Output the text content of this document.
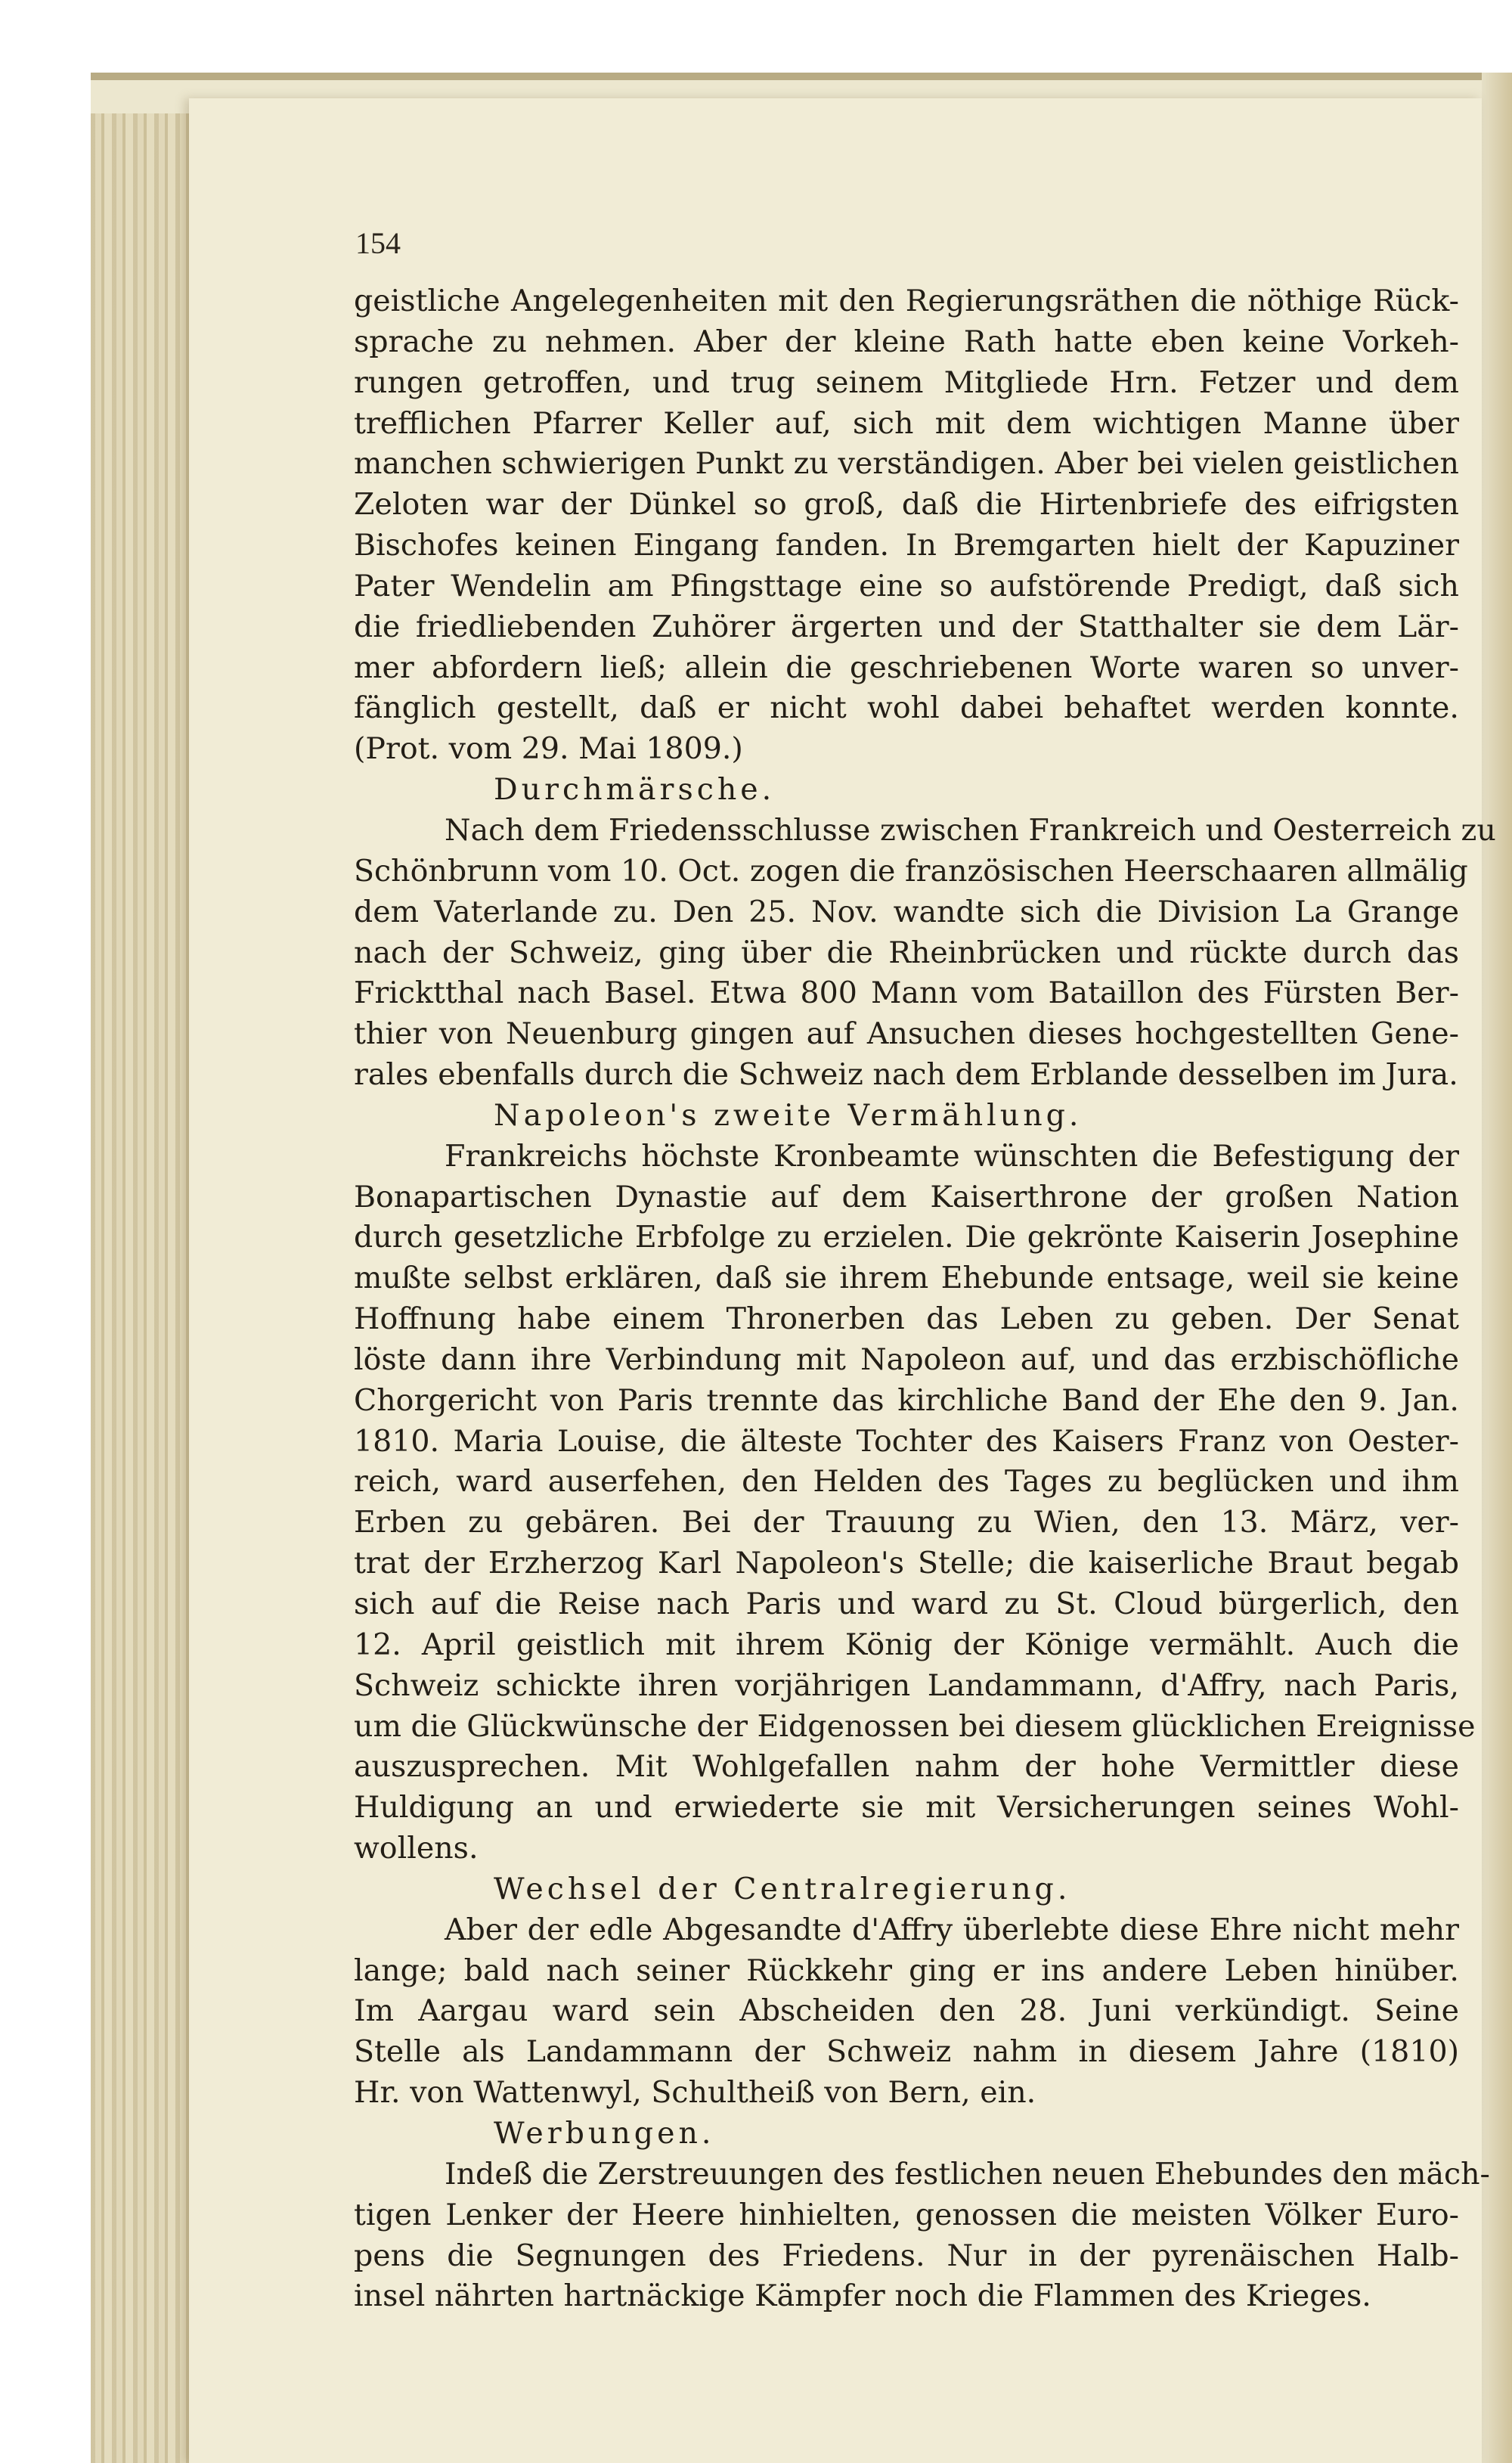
154
geistliche Angelegenheiten mit den Regierungsräthen die nöthige Rück-
sprache zu nehmen. Aber der kleine Rath hatte eben keine Vorkeh-
rungen getroffen, und trug seinem Mitgliede Hrn. Fetzer und dem
trefflichen Pfarrer Keller auf, sich mit dem wichtigen Manne über
manchen schwierigen Punkt zu verständigen. Aber bei vielen geistlichen
Zeloten war der Dünkel so groß, daß die Hirtenbriefe des eifrigsten
Bischofes keinen Eingang fanden. In Bremgarten hielt der Kapuziner
Pater Wendelin am Pfingsttage eine so aufstörende Predigt, daß sich
die friedliebenden Zuhörer ärgerten und der Statthalter sie dem Lär-
mer abfordern ließ; allein die geschriebenen Worte waren so unver-
fänglich gestellt, daß er nicht wohl dabei behaftet werden konnte.
(Prot. vom 29. Mai 1809.)
Durchmärsche.
Nach dem Friedensschlusse zwischen Frankreich und Oesterreich zu
Schönbrunn vom 10. Oct. zogen die französischen Heerschaaren allmälig
dem Vaterlande zu. Den 25. Nov. wandte sich die Division La Grange
nach der Schweiz, ging über die Rheinbrücken und rückte durch das
Fricktthal nach Basel. Etwa 800 Mann vom Bataillon des Fürsten Ber-
thier von Neuenburg gingen auf Ansuchen dieses hochgestellten Gene-
rales ebenfalls durch die Schweiz nach dem Erblande desselben im Jura.
Napoleon's zweite Vermählung.
Frankreichs höchste Kronbeamte wünschten die Befestigung der
Bonapartischen Dynastie auf dem Kaiserthrone der großen Nation
durch gesetzliche Erbfolge zu erzielen. Die gekrönte Kaiserin Josephine
mußte selbst erklären, daß sie ihrem Ehebunde entsage, weil sie keine
Hoffnung habe einem Thronerben das Leben zu geben. Der Senat
löste dann ihre Verbindung mit Napoleon auf, und das erzbischöfliche
Chorgericht von Paris trennte das kirchliche Band der Ehe den 9. Jan.
1810. Maria Louise, die älteste Tochter des Kaisers Franz von Oester-
reich, ward auserfehen, den Helden des Tages zu beglücken und ihm
Erben zu gebären. Bei der Trauung zu Wien, den 13. März, ver-
trat der Erzherzog Karl Napoleon's Stelle; die kaiserliche Braut begab
sich auf die Reise nach Paris und ward zu St. Cloud bürgerlich, den
12. April geistlich mit ihrem König der Könige vermählt. Auch die
Schweiz schickte ihren vorjährigen Landammann, d'Affry, nach Paris,
um die Glückwünsche der Eidgenossen bei diesem glücklichen Ereignisse
auszusprechen. Mit Wohlgefallen nahm der hohe Vermittler diese
Huldigung an und erwiederte sie mit Versicherungen seines Wohl-
wollens.
Wechsel der Centralregierung.
Aber der edle Abgesandte d'Affry überlebte diese Ehre nicht mehr
lange; bald nach seiner Rückkehr ging er ins andere Leben hinüber.
Im Aargau ward sein Abscheiden den 28. Juni verkündigt. Seine
Stelle als Landammann der Schweiz nahm in diesem Jahre (1810)
Hr. von Wattenwyl, Schultheiß von Bern, ein.
Werbungen.
Indeß die Zerstreuungen des festlichen neuen Ehebundes den mäch-
tigen Lenker der Heere hinhielten, genossen die meisten Völker Euro-
pens die Segnungen des Friedens. Nur in der pyrenäischen Halb-
insel nährten hartnäckige Kämpfer noch die Flammen des Krieges.
